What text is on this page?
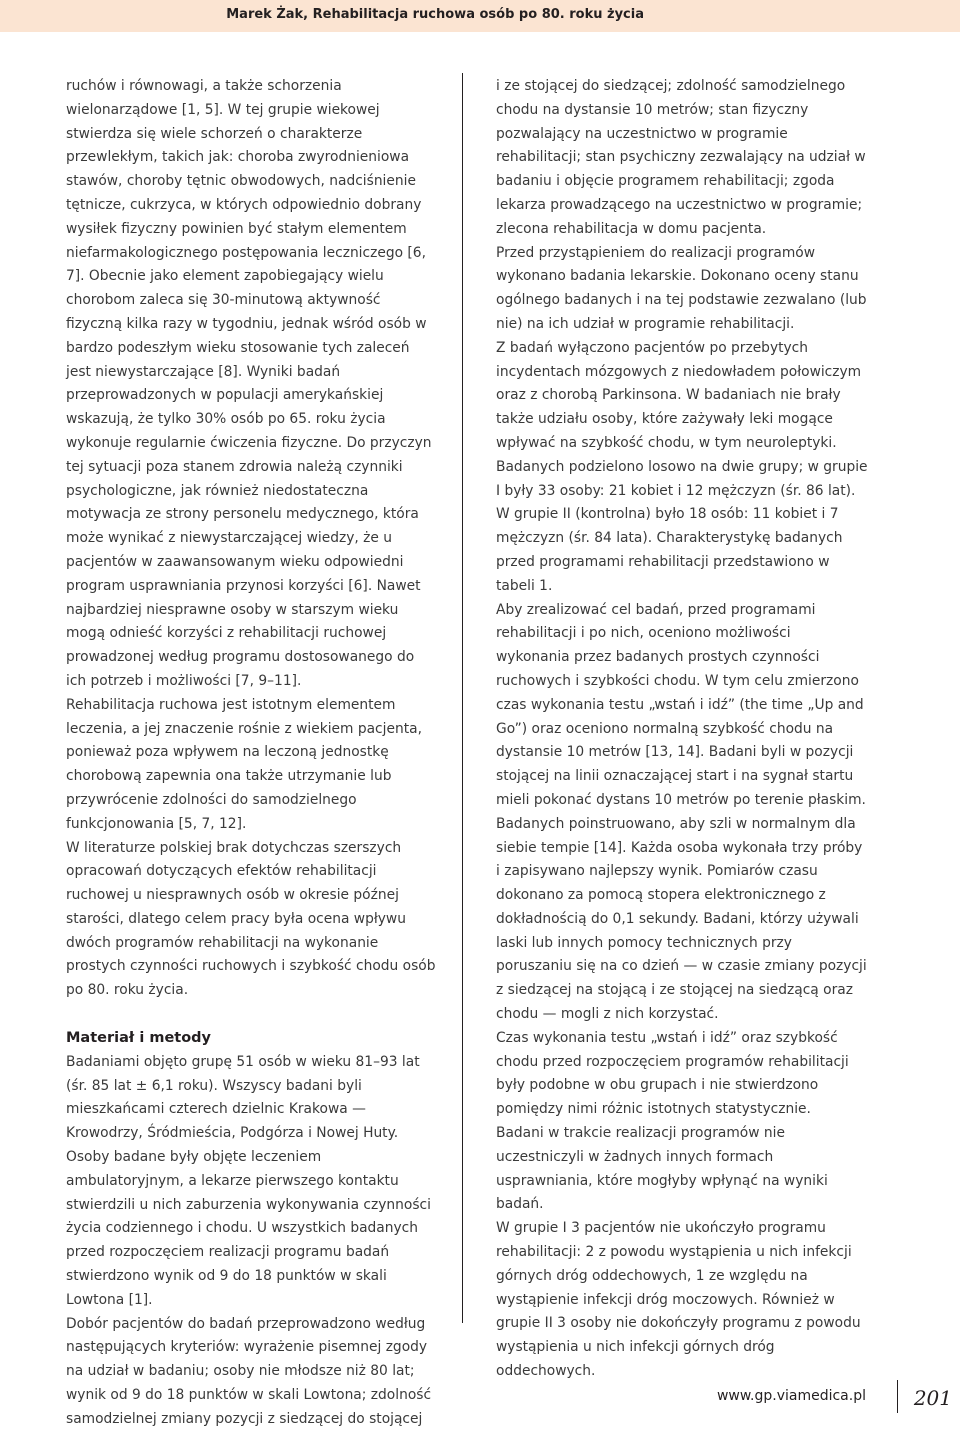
Marek Żak, Rehabilitacja ruchowa osób po 80. roku życia

ruchów i równowagi, a także schorzenia wielonarządowe [1, 5]. W tej grupie wiekowej stwierdza się wiele schorzeń o charakterze przewlekłym, takich jak: choroba zwyrodnieniowa stawów, choroby tętnic obwodowych, nadciśnienie tętnicze, cukrzyca, w których odpowiednio dobrany wysiłek fizyczny powinien być stałym elementem niefarmakologicznego postępowania leczniczego [6, 7]. Obecnie jako element zapobiegający wielu chorobom zaleca się 30-minutową aktywność fizyczną kilka razy w tygodniu, jednak wśród osób w bardzo podeszłym wieku stosowanie tych zaleceń jest niewystarczające [8]. Wyniki badań przeprowadzonych w populacji amerykańskiej wskazują, że tylko 30% osób po 65. roku życia wykonuje regularnie ćwiczenia fizyczne. Do przyczyn tej sytuacji poza stanem zdrowia należą czynniki psychologiczne, jak również niedostateczna motywacja ze strony personelu medycznego, która może wynikać z niewystarczającej wiedzy, że u pacjentów w zaawansowanym wieku odpowiedni program usprawniania przynosi korzyści [6]. Nawet najbardziej niesprawne osoby w starszym wieku mogą odnieść korzyści z rehabilitacji ruchowej prowadzonej według programu dostosowanego do ich potrzeb i możliwości [7, 9–11].

Rehabilitacja ruchowa jest istotnym elementem leczenia, a jej znaczenie rośnie z wiekiem pacjenta, ponieważ poza wpływem na leczoną jednostkę chorobową zapewnia ona także utrzymanie lub przywrócenie zdolności do samodzielnego funkcjonowania [5, 7, 12].

W literaturze polskiej brak dotychczas szerszych opracowań dotyczących efektów rehabilitacji ruchowej u niesprawnych osób w okresie późnej starości, dlatego celem pracy była ocena wpływu dwóch programów rehabilitacji na wykonanie prostych czynności ruchowych i szybkość chodu osób po 80. roku życia.

Materiał i metody

Badaniami objęto grupę 51 osób w wieku 81–93 lat (śr. 85 lat ± 6,1 roku). Wszyscy badani byli mieszkańcami czterech dzielnic Krakowa — Krowodrzy, Śródmieścia, Podgórza i Nowej Huty. Osoby badane były objęte leczeniem ambulatoryjnym, a lekarze pierwszego kontaktu stwierdzili u nich zaburzenia wykonywania czynności życia codziennego i chodu. U wszystkich badanych przed rozpoczęciem realizacji programu badań stwierdzono wynik od 9 do 18 punktów w skali Lowtona [1].

Dobór pacjentów do badań przeprowadzono według następujących kryteriów: wyrażenie pisemnej zgody na udział w badaniu; osoby nie młodsze niż 80 lat; wynik od 9 do 18 punktów w skali Lowtona; zdolność samodzielnej zmiany pozycji z siedzącej do stojącej

i ze stojącej do siedzącej; zdolność samodzielnego chodu na dystansie 10 metrów; stan fizyczny pozwalający na uczestnictwo w programie rehabilitacji; stan psychiczny zezwalający na udział w badaniu i objęcie programem rehabilitacji; zgoda lekarza prowadzącego na uczestnictwo w programie; zlecona rehabilitacja w domu pacjenta.

Przed przystąpieniem do realizacji programów wykonano badania lekarskie. Dokonano oceny stanu ogólnego badanych i na tej podstawie zezwalano (lub nie) na ich udział w programie rehabilitacji.

Z badań wyłączono pacjentów po przebytych incydentach mózgowych z niedowładem połowiczym oraz z chorobą Parkinsona. W badaniach nie brały także udziału osoby, które zażywały leki mogące wpływać na szybkość chodu, w tym neuroleptyki.

Badanych podzielono losowo na dwie grupy; w grupie I były 33 osoby: 21 kobiet i 12 mężczyzn (śr. 86 lat). W grupie II (kontrolna) było 18 osób: 11 kobiet i 7 mężczyzn (śr. 84 lata). Charakterystykę badanych przed programami rehabilitacji przedstawiono w tabeli 1.

Aby zrealizować cel badań, przed programami rehabilitacji i po nich, oceniono możliwości wykonania przez badanych prostych czynności ruchowych i szybkości chodu. W tym celu zmierzono czas wykonania testu „wstań i idź” (the time „Up and Go”) oraz oceniono normalną szybkość chodu na dystansie 10 metrów [13, 14]. Badani byli w pozycji stojącej na linii oznaczającej start i na sygnał startu mieli pokonać dystans 10 metrów po terenie płaskim. Badanych poinstruowano, aby szli w normalnym dla siebie tempie [14]. Każda osoba wykonała trzy próby i zapisywano najlepszy wynik. Pomiarów czasu dokonano za pomocą stopera elektronicznego z dokładnością do 0,1 sekundy. Badani, którzy używali laski lub innych pomocy technicznych przy poruszaniu się na co dzień — w czasie zmiany pozycji z siedzącej na stojącą i ze stojącej na siedzącą oraz chodu — mogli z nich korzystać.

Czas wykonania testu „wstań i idź” oraz szybkość chodu przed rozpoczęciem programów rehabilitacji były podobne w obu grupach i nie stwierdzono pomiędzy nimi różnic istotnych statystycznie.

Badani w trakcie realizacji programów nie uczestniczyli w żadnych innych formach usprawniania, które mogłyby wpłynąć na wyniki badań.

W grupie I 3 pacjentów nie ukończyło programu rehabilitacji: 2 z powodu wystąpienia u nich infekcji górnych dróg oddechowych, 1 ze względu na wystąpienie infekcji dróg moczowych. Również w grupie II 3 osoby nie dokończyły programu z powodu wystąpienia u nich infekcji górnych dróg oddechowych.

www.gp.viamedica.pl 201
